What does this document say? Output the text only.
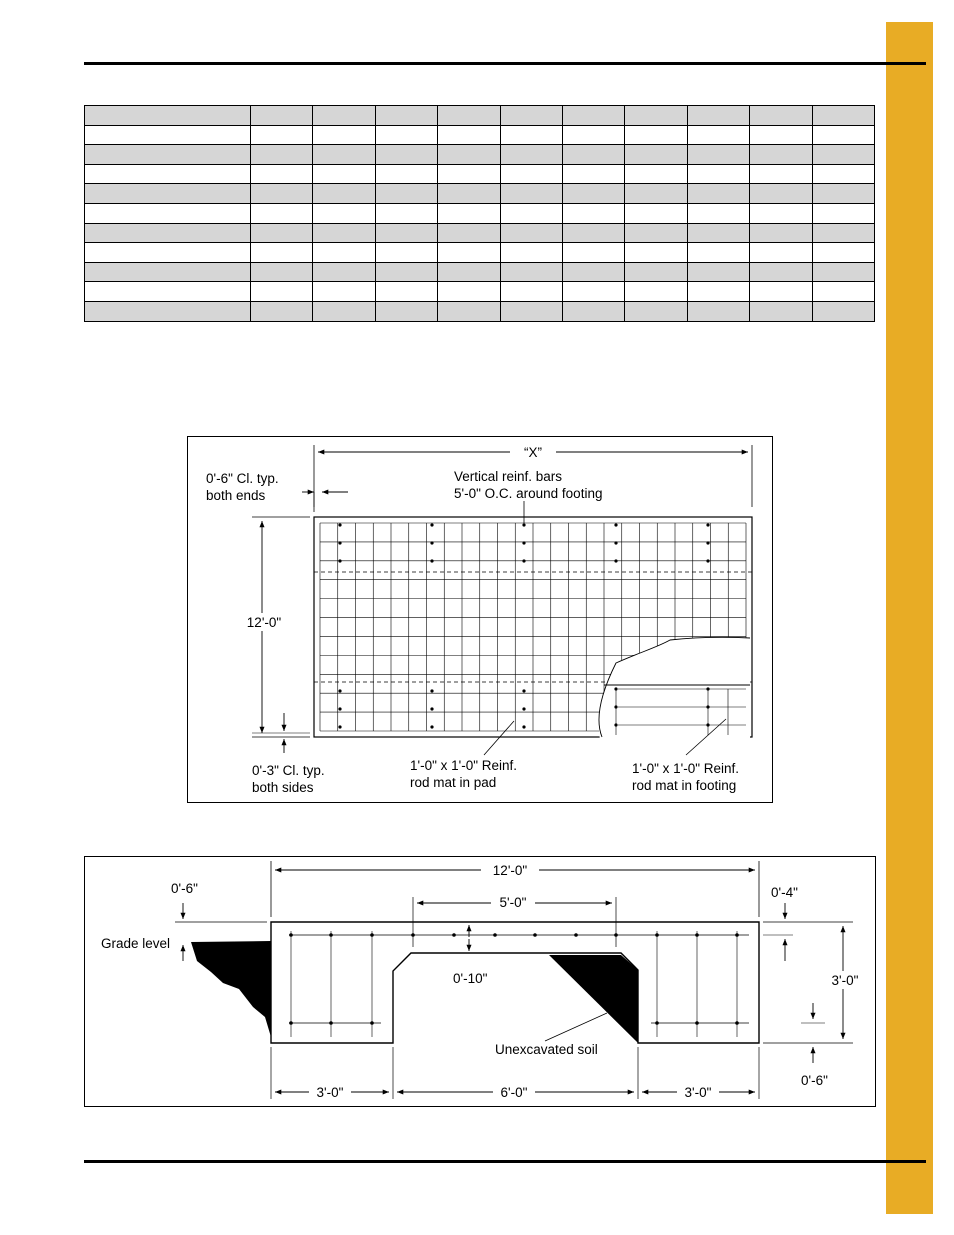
“X”
0'-6" Cl. typ.
both ends
Vertical reinf. bars
5'-0" O.C. around footing
12'-0"
0'-3" Cl. typ.
both sides
1'-0" x 1'-0" Reinf.
rod mat in pad
1'-0" x 1'-0" Reinf.
rod mat in footing
12'-0"
0'-6"
Grade level
5'-0"
0'-10"
0'-4"
3'-0"
0'-6"
Unexcavated soil
3'-0"	6'-0"	3'-0"
